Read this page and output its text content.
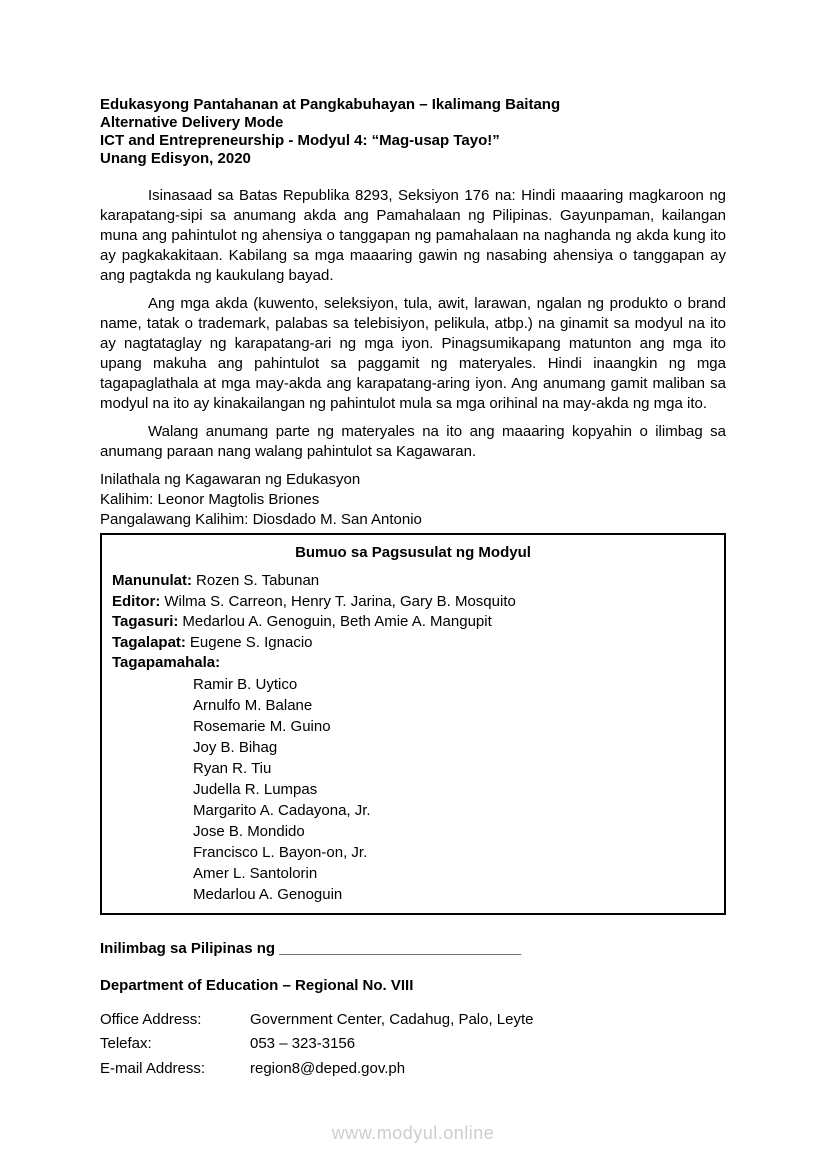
Edukasyong Pantahanan at Pangkabuhayan – Ikalimang Baitang
Alternative Delivery Mode
ICT and Entrepreneurship - Modyul 4: “Mag-usap Tayo!”
Unang Edisyon, 2020

Isinasaad sa Batas Republika 8293, Seksiyon 176 na: Hindi maaaring magkaroon ng karapatang-sipi sa anumang akda ang Pamahalaan ng Pilipinas. Gayunpaman, kailangan muna ang pahintulot ng ahensiya o tanggapan ng pamahalaan na naghanda ng akda kung ito ay pagkakakitaan. Kabilang sa mga maaaring gawin ng nasabing ahensiya o tanggapan ay ang pagtakda ng kaukulang bayad.

Ang mga akda (kuwento, seleksiyon, tula, awit, larawan, ngalan ng produkto o brand name, tatak o trademark, palabas sa telebisiyon, pelikula, atbp.) na ginamit sa modyul na ito ay nagtataglay ng karapatang-ari ng mga iyon. Pinagsumikapang matunton ang mga ito upang makuha ang pahintulot sa paggamit ng materyales. Hindi inaangkin ng mga tagapaglathala at mga may-akda ang karapatang-aring iyon. Ang anumang gamit maliban sa modyul na ito ay kinakailangan ng pahintulot mula sa mga orihinal na may-akda ng mga ito.

Walang anumang parte ng materyales na ito ang maaaring kopyahin o ilimbag sa anumang paraan nang walang pahintulot sa Kagawaran.

Inilathala ng Kagawaran ng Edukasyon
Kalihim: Leonor Magtolis Briones
Pangalawang Kalihim: Diosdado M. San Antonio
Bumuo sa Pagsusulat ng Modyul
Manunulat: Rozen S. Tabunan
Editor: Wilma S. Carreon, Henry T. Jarina, Gary B. Mosquito
Tagasuri: Medarlou A. Genoguin, Beth Amie A. Mangupit
Tagalapat: Eugene S. Ignacio
Tagapamahala:
Ramir B. Uytico
Arnulfo M. Balane
Rosemarie M. Guino
Joy B. Bihag
Ryan R. Tiu
Judella R. Lumpas
Margarito A. Cadayona, Jr.
Jose B. Mondido
Francisco L. Bayon-on, Jr.
Amer L. Santolorin
Medarlou A. Genoguin
Inilimbag sa Pilipinas ng _____________________________
Department of Education – Regional No. VIII
Office Address:	Government Center, Cadahug, Palo, Leyte
Telefax:	053 – 323-3156
E-mail Address:	region8@deped.gov.ph
www.modyul.online
